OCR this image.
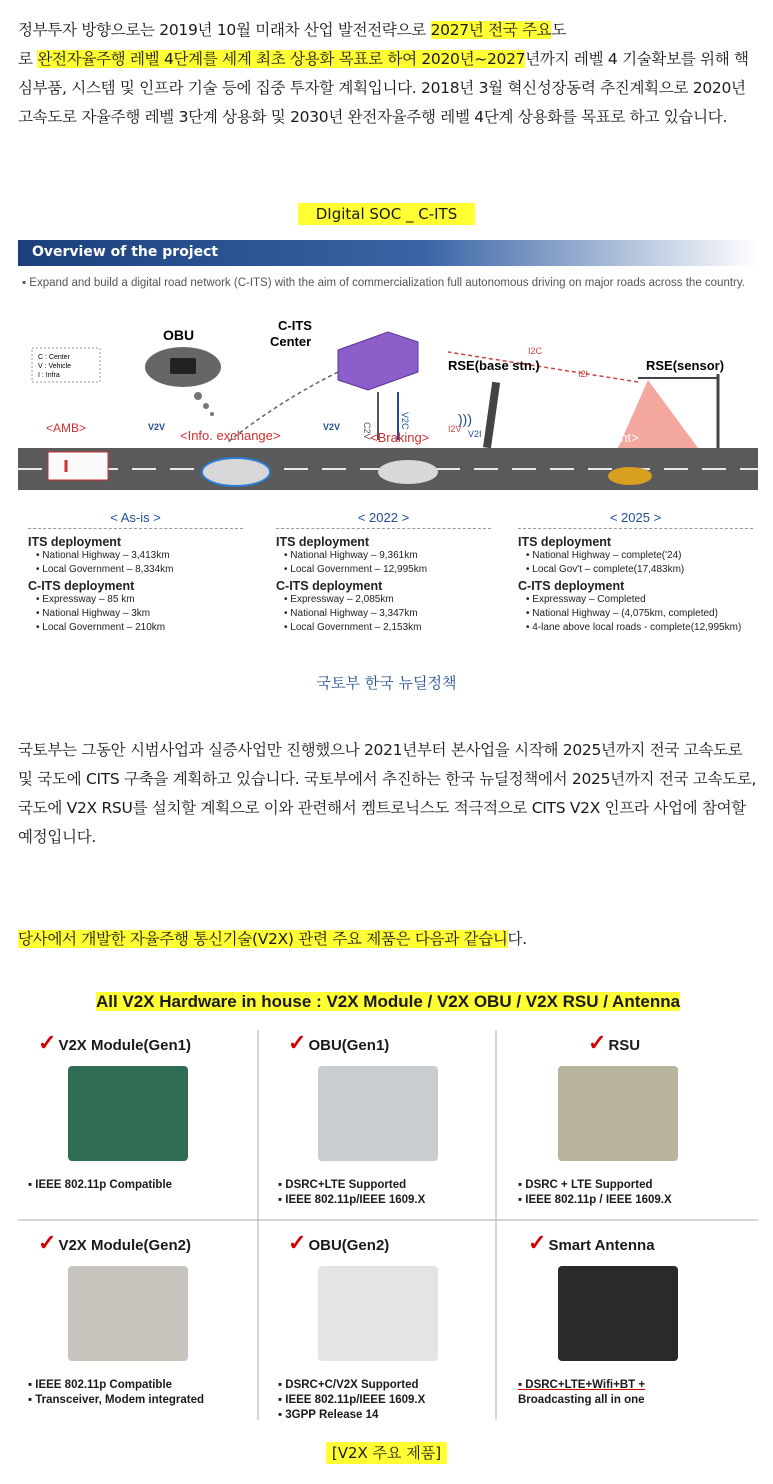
정부투자 방향으로는 2019년 10월 미래차 산업 발전전략으로 2027년 전국 주요도
로 완전자율주행 레벨 4단계를 세계 최초 상용화 목표로 하여 2020년~2027년까지 레벨 4 기술확보를 위해 핵심부품, 시스템 및 인프라 기술 등에 집중 투자할 계획입니다. 2018년 3월 혁신성장동력 추진계획으로 2020년 고속도로 자율주행 레벨 3단계 상용화 및 2030년 완전자율주행 레벨 4단계 상용화를 목표로 하고 있습니다.
DIgital SOC _ C-ITS
Overview of the project
▪ Expand and build a digital road network (C-ITS) with the aim of commercialization full autonomous driving on major roads across the country.
C : Center
V : Vehicle
I : Infra
OBU
C-ITS
Center
C2V
V2C
I2C
I2I
I2V V2I
RSE(base stn.)
)))
RSE(sensor)
<AMB>	<Info. exchange>	<Braking>	<Incident>
V2V	V2V
< As-is >
ITS deployment
• National Highway – 3,413km
• Local Government – 8,334km
C-ITS deployment
• Expressway – 85 km
• National Highway – 3km
• Local Government – 210km
< 2022 >
ITS deployment
• National Highway – 9,361km
• Local Government – 12,995km
C-ITS deployment
• Expressway – 2,085km
• National Highway – 3,347km
• Local Government – 2,153km
< 2025 >
ITS deployment
• National Highway – complete('24)
• Local Gov't – complete(17,483km)
C-ITS deployment
• Expressway – Completed
• National Highway – (4,075km, completed)
• 4-lane above local roads - complete(12,995km)
국토부 한국 뉴딜정책
국토부는 그동안 시범사업과 실증사업만 진행했으나 2021년부터 본사업을 시작해 2025년까지 전국 고속도로 및 국도에 CITS 구축을 계획하고 있습니다. 국토부에서 추진하는 한국 뉴딜정책에서 2025년까지 전국 고속도로, 국도에 V2X RSU를 설치할 계획으로 이와 관련해서 켐트로닉스도 적극적으로 CITS V2X 인프라 사업에 참여할 예정입니다.
당사에서 개발한 자율주행 통신기술(V2X) 관련 주요 제품은 다음과 같습니다.
All V2X Hardware in house : V2X Module / V2X OBU / V2X RSU / Antenna
✓ V2X Module(Gen1)
▪ IEEE 802.11p Compatible
✓ OBU(Gen1)
▪ DSRC+LTE Supported
▪ IEEE 802.11p/IEEE 1609.X
✓ RSU
▪ DSRC + LTE Supported
▪ IEEE 802.11p / IEEE 1609.X
✓ V2X Module(Gen2)
▪ IEEE 802.11p Compatible
▪ Transceiver, Modem integrated
✓ OBU(Gen2)
▪ DSRC+C/V2X Supported
▪ IEEE 802.11p/IEEE 1609.X
▪ 3GPP Release 14
✓ Smart Antenna
▪ DSRC+LTE+Wifi+BT +
Broadcasting all in one
[V2X 주요 제품]
